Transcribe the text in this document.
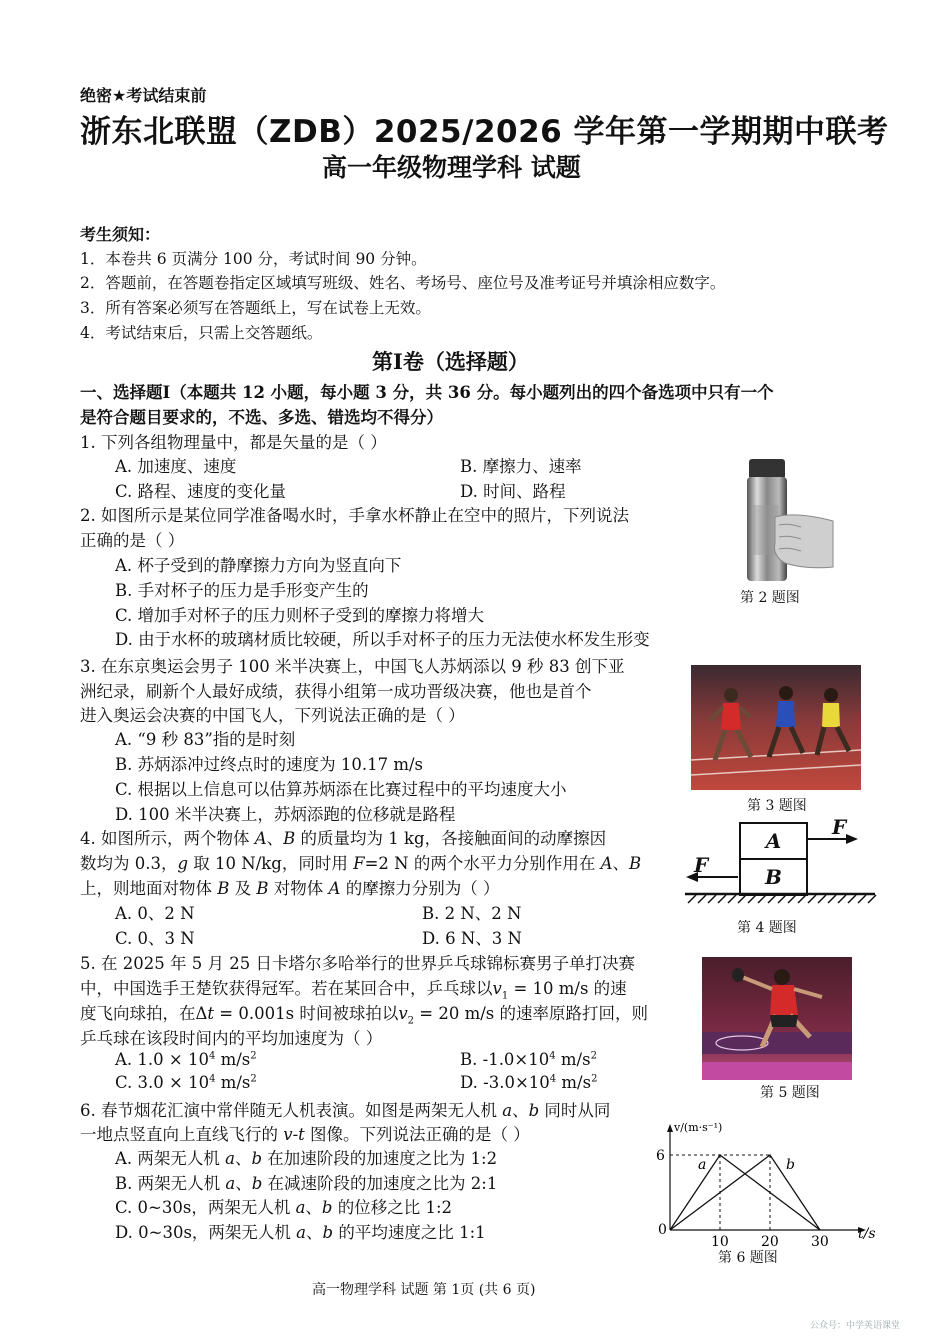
绝密★考试结束前
浙东北联盟（ZDB）2025/2026 学年第一学期期中联考
高一年级物理学科 试题
考生须知：
1．本卷共 6 页满分 100 分，考试时间 90 分钟。
2．答题前，在答题卷指定区域填写班级、姓名、考场号、座位号及准考证号并填涂相应数字。
3．所有答案必须写在答题纸上，写在试卷上无效。
4．考试结束后，只需上交答题纸。
第Ⅰ卷（选择题）
一、选择题Ⅰ（本题共 12 小题，每小题 3 分，共 36 分。每小题列出的四个备选项中只有一个
是符合题目要求的，不选、多选、错选均不得分）
1. 下列各组物理量中，都是矢量的是（ ）
A. 加速度、速度	B. 摩擦力、速率
C. 路程、速度的变化量	D. 时间、路程
2. 如图所示是某位同学准备喝水时，手拿水杯静止在空中的照片，下列说法
正确的是（ ）
A. 杯子受到的静摩擦力方向为竖直向下
B. 手对杯子的压力是手形变产生的
C. 增加手对杯子的压力则杯子受到的摩擦力将增大
D. 由于水杯的玻璃材质比较硬，所以手对杯子的压力无法使水杯发生形变
第 2 题图
3. 在东京奥运会男子 100 米半决赛上，中国飞人苏炳添以 9 秒 83 创下亚
洲纪录，刷新个人最好成绩，获得小组第一成功晋级决赛，他也是首个
进入奥运会决赛的中国飞人，下列说法正确的是（ ）
A. “9 秒 83”指的是时刻
B. 苏炳添冲过终点时的速度为 10.17 m/s
C. 根据以上信息可以估算苏炳添在比赛过程中的平均速度大小
D. 100 米半决赛上，苏炳添跑的位移就是路程	第 3 题图
4. 如图所示，两个物体 A、B 的质量均为 1 kg，各接触面间的动摩擦因
数均为 0.3，g 取 10 N/kg，同时用 F=2 N 的两个水平力分别作用在 A、B
上，则地面对物体 B 及 B 对物体 A 的摩擦力分别为（ ）
A. 0、2 N	B. 2 N、2 N
C. 0、3 N	D. 6 N、3 N
A
B
F
F
第 4 题图
5. 在 2025 年 5 月 25 日卡塔尔多哈举行的世界乒乓球锦标赛男子单打决赛
中，中国选手王楚钦获得冠军。若在某回合中，乒乓球以$v_1 = 10$ m/s 的速
度飞向球拍，在Δt = 0.001s 时间被球拍以$v_2 = 20$ m/s 的速率原路打回，则
乒乓球在该段时间内的平均加速度为（ ）
A. $1.0 \times 10^4$ $m/s^2$	B. $-1.0\times 10^4$ $m/s^2$
C. $3.0 \times 10^4$ $m/s^2$	D. $-3.0\times 10^4$ $m/s^2$
第 5 题图
6. 春节烟花汇演中常伴随无人机表演。如图是两架无人机 a、b 同时从同
一地点竖直向上直线飞行的 v-t 图像。下列说法正确的是（ ）
A. 两架无人机 a、b 在加速阶段的加速度之比为 1:2
B. 两架无人机 a、b 在减速阶段的加速度之比为 2:1
C. 0~30s，两架无人机 a、b 的位移之比 1:2
D. 0~30s，两架无人机 a、b 的平均速度之比 1:1
a	b
0
10 20 30
6
t/s
v/(m·s⁻¹)
第 6 题图
高一物理学科 试题 第 1页 (共 6 页)
公众号：中学英语课堂
